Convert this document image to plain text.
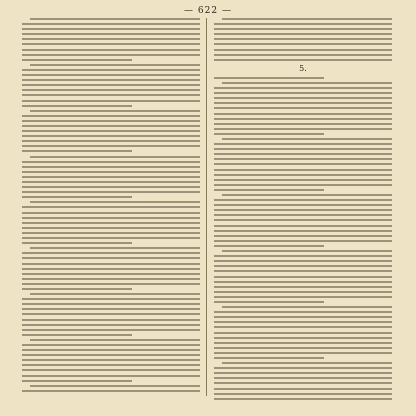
— 622 —
5.
